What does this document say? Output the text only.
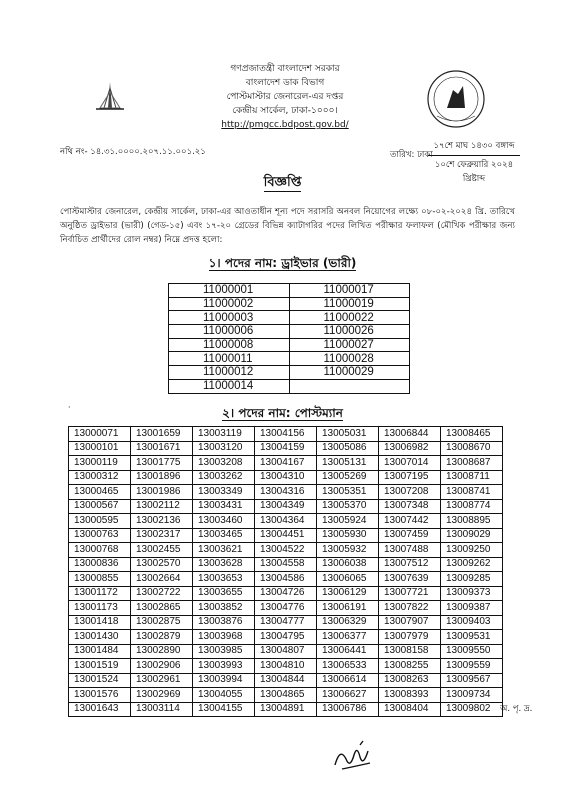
গণপ্রজাতন্ত্রী বাংলাদেশ সরকার
বাংলাদেশ ডাক বিভাগ
পোস্টমাস্টার জেনারেল-এর দপ্তর
কেন্দ্রীয় সার্কেল, ঢাকা-১০০০।
http://pmgcc.bdpost.gov.bd/
নথি নং- ১৪.৩১.০০০০.২০৭.১১.০০১.২১	তারিখ: ঢাকা
১৭শে মাঘ ১৪৩০ বঙ্গাব্দ
১০শে ফেব্রুয়ারি ২০২৪ খ্রিষ্টাব্দ
বিজ্ঞপ্তি
পোস্টমাস্টার জেনারেল, কেন্দ্রীয় সার্কেল, ঢাকা-এর আওতাধীন শূন্য পদে সরাসরি অনবল নিয়োগের লক্ষ্যে ০৮-০২-২০২৪ খ্রি. তারিখে অনুষ্ঠিত ড্রাইভার (ভারী) (গেড-১৫) এবং ১৭-২০ গ্রেডের বিভিন্ন ক্যাটাগরির পদের লিখিত পরীক্ষার ফলাফল (মৌখিক পরীক্ষার জন্য নির্বাচিত প্রার্থীদের রোল নম্বর) নিম্নে প্রদত্ত হলো:
১। পদের নাম: ড্রাইভার (ভারী)
11000001	11000017
11000002	11000019
11000003	11000022
11000006	11000026
11000008	11000027
11000011	11000028
11000012	11000029
11000014	
·	২। পদের নাম: পোস্টম্যান
13000071	13001659	13003119	13004156	13005031	13006844	13008465
13000101	13001671	13003120	13004159	13005086	13006982	13008670
13000119	13001775	13003208	13004167	13005131	13007014	13008687
13000312	13001896	13003262	13004310	13005269	13007195	13008711
13000465	13001986	13003349	13004316	13005351	13007208	13008741
13000567	13002112	13003431	13004349	13005370	13007348	13008774
13000595	13002136	13003460	13004364	13005924	13007442	13008895
13000763	13002317	13003465	13004451	13005930	13007459	13009029
13000768	13002455	13003621	13004522	13005932	13007488	13009250
13000836	13002570	13003628	13004558	13006038	13007512	13009262
13000855	13002664	13003653	13004586	13006065	13007639	13009285
13001172	13002722	13003655	13004726	13006129	13007721	13009373
13001173	13002865	13003852	13004776	13006191	13007822	13009387
13001418	13002875	13003876	13004777	13006329	13007907	13009403
13001430	13002879	13003968	13004795	13006377	13007979	13009531
13001484	13002890	13003985	13004807	13006441	13008158	13009550
13001519	13002906	13003993	13004810	13006533	13008255	13009559
13001524	13002961	13003994	13004844	13006614	13008263	13009567
13001576	13002969	13004055	13004865	13006627	13008393	13009734
13001643	13003114	13004155	13004891	13006786	13008404	13009802 অ. পৃ. দ্র.
